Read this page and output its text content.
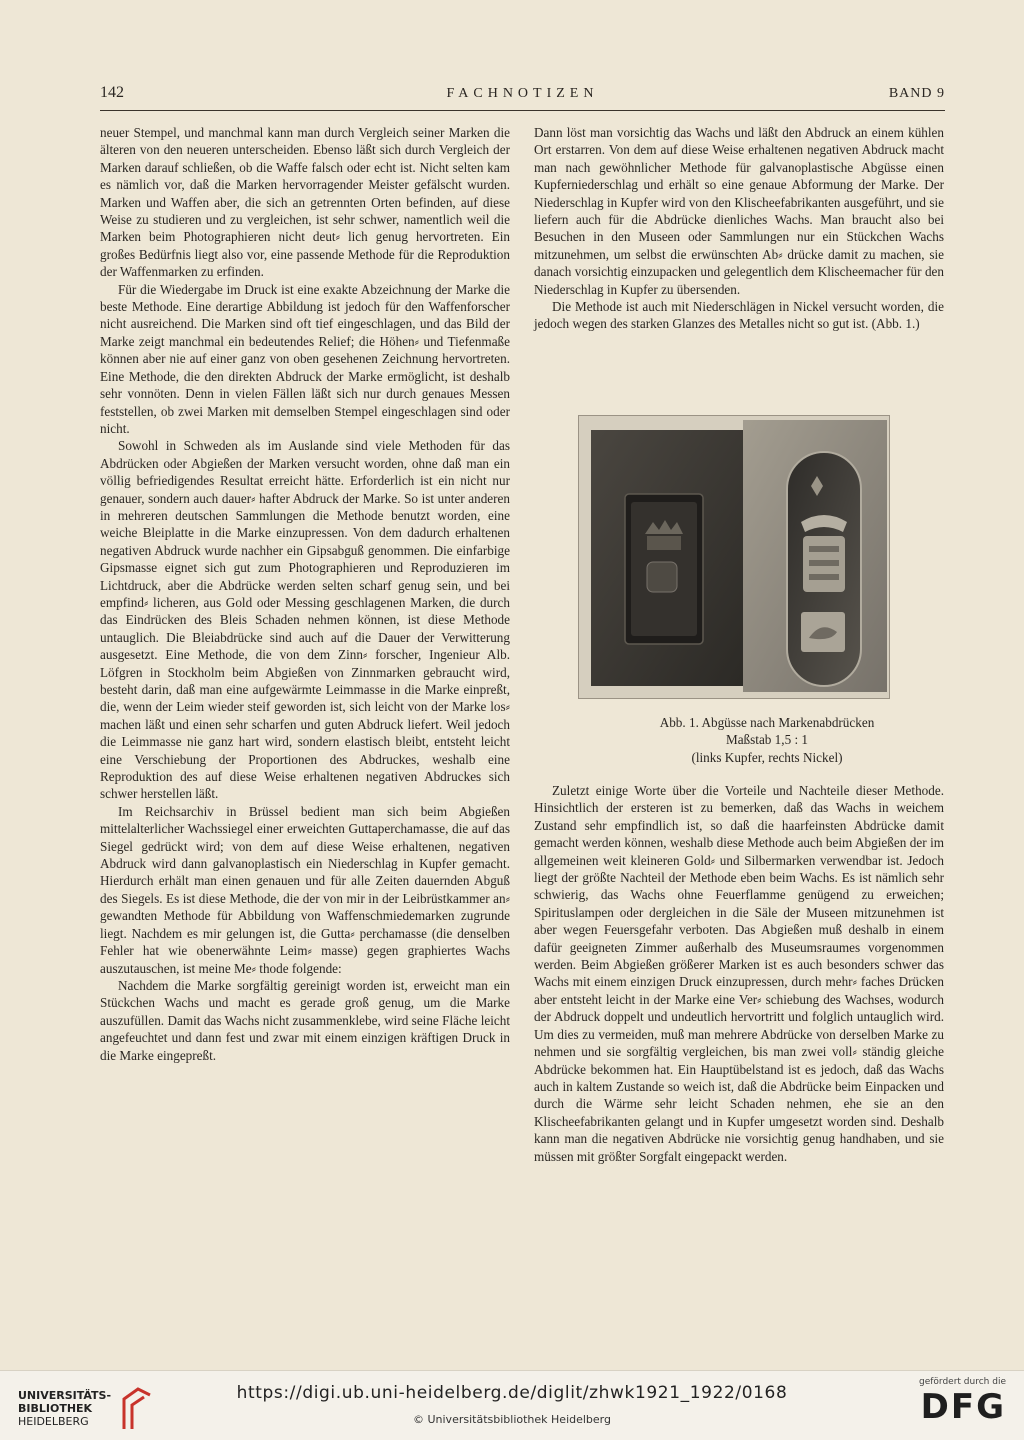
142	FACHNOTIZEN	BAND 9

neuer Stempel, und manchmal kann man durch Vergleich seiner Marken die älteren von den neueren unterscheiden. Ebenso läßt sich durch Vergleich der Marken darauf schließen, ob die Waffe falsch oder echt ist. Nicht selten kam es nämlich vor, daß die Marken hervorragender Meister gefälscht wurden. Marken und Waffen aber, die sich an getrennten Orten befinden, auf diese Weise zu studieren und zu vergleichen, ist sehr schwer, namentlich weil die Marken beim Photographieren nicht deut⸗ lich genug hervortreten. Ein großes Bedürfnis liegt also vor, eine passende Methode für die Reproduktion der Waffenmarken zu erfinden.

Für die Wiedergabe im Druck ist eine exakte Abzeichnung der Marke die beste Methode. Eine derartige Abbildung ist jedoch für den Waffenforscher nicht ausreichend. Die Marken sind oft tief eingeschlagen, und das Bild der Marke zeigt manchmal ein bedeutendes Relief; die Höhen⸗ und Tiefenmaße können aber nie auf einer ganz von oben gesehenen Zeichnung hervortreten. Eine Methode, die den direkten Abdruck der Marke ermöglicht, ist deshalb sehr vonnöten. Denn in vielen Fällen läßt sich nur durch genaues Messen feststellen, ob zwei Marken mit demselben Stempel eingeschlagen sind oder nicht.

Sowohl in Schweden als im Auslande sind viele Methoden für das Abdrücken oder Abgießen der Marken versucht worden, ohne daß man ein völlig befriedigendes Resultat erreicht hätte. Erforderlich ist ein nicht nur genauer, sondern auch dauer⸗ hafter Abdruck der Marke. So ist unter anderen in mehreren deutschen Sammlungen die Methode benutzt worden, eine weiche Bleiplatte in die Marke einzupressen. Von dem dadurch erhaltenen negativen Abdruck wurde nachher ein Gipsabguß genommen. Die einfarbige Gipsmasse eignet sich gut zum Photographieren und Reproduzieren im Lichtdruck, aber die Abdrücke werden selten scharf genug sein, und bei empfind⸗ licheren, aus Gold oder Messing geschlagenen Marken, die durch das Eindrücken des Bleis Schaden nehmen können, ist diese Methode untauglich. Die Bleiabdrücke sind auch auf die Dauer der Verwitterung ausgesetzt. Eine Methode, die von dem Zinn⸗ forscher, Ingenieur Alb. Löfgren in Stockholm beim Abgießen von Zinnmarken gebraucht wird, besteht darin, daß man eine aufgewärmte Leimmasse in die Marke einpreßt, die, wenn der Leim wieder steif geworden ist, sich leicht von der Marke los⸗ machen läßt und einen sehr scharfen und guten Abdruck liefert. Weil jedoch die Leimmasse nie ganz hart wird, sondern elastisch bleibt, entsteht leicht eine Verschiebung der Proportionen des Abdruckes, weshalb eine Reproduktion des auf diese Weise erhaltenen negativen Abdruckes sich schwer herstellen läßt.

Im Reichsarchiv in Brüssel bedient man sich beim Abgießen mittelalterlicher Wachssiegel einer erweichten Guttaperchamasse, die auf das Siegel gedrückt wird; von dem auf diese Weise erhaltenen, negativen Abdruck wird dann galvanoplastisch ein Niederschlag in Kupfer gemacht. Hierdurch erhält man einen genauen und für alle Zeiten dauernden Abguß des Siegels. Es ist diese Methode, die der von mir in der Leibrüstkammer an⸗ gewandten Methode für Abbildung von Waffenschmiedemarken zugrunde liegt. Nachdem es mir gelungen ist, die Gutta⸗ perchamasse (die denselben Fehler hat wie obenerwähnte Leim⸗ masse) gegen graphiertes Wachs auszutauschen, ist meine Me⸗ thode folgende:

Nachdem die Marke sorgfältig gereinigt worden ist, erweicht man ein Stückchen Wachs und macht es gerade groß genug, um die Marke auszufüllen. Damit das Wachs nicht zusammenklebe, wird seine Fläche leicht angefeuchtet und dann fest und zwar mit einem einzigen kräftigen Druck in die Marke eingepreßt.

Dann löst man vorsichtig das Wachs und läßt den Abdruck an einem kühlen Ort erstarren. Von dem auf diese Weise erhaltenen negativen Abdruck macht man nach gewöhnlicher Methode für galvanoplastische Abgüsse einen Kupferniederschlag und erhält so eine genaue Abformung der Marke. Der Niederschlag in Kupfer wird von den Klischeefabrikanten ausgeführt, und sie liefern auch für die Abdrücke dienliches Wachs. Man braucht also bei Besuchen in den Museen oder Sammlungen nur ein Stückchen Wachs mitzunehmen, um selbst die erwünschten Ab⸗ drücke damit zu machen, sie danach vorsichtig einzupacken und gelegentlich dem Klischeemacher für den Niederschlag in Kupfer zu übersenden.

Die Methode ist auch mit Niederschlägen in Nickel versucht worden, die jedoch wegen des starken Glanzes des Metalles nicht so gut ist. (Abb. 1.)

Abb. 1. Abgüsse nach Markenabdrücken
Maßstab 1,5 : 1
(links Kupfer, rechts Nickel)

Zuletzt einige Worte über die Vorteile und Nachteile dieser Methode. Hinsichtlich der ersteren ist zu bemerken, daß das Wachs in weichem Zustand sehr empfindlich ist, so daß die haarfeinsten Abdrücke damit gemacht werden können, weshalb diese Methode auch beim Abgießen der im allgemeinen weit kleineren Gold⸗ und Silbermarken verwendbar ist. Jedoch liegt der größte Nachteil der Methode eben beim Wachs. Es ist nämlich sehr schwierig, das Wachs ohne Feuerflamme genügend zu erweichen; Spirituslampen oder dergleichen in die Säle der Museen mitzunehmen ist aber wegen Feuersgefahr verboten. Das Abgießen muß deshalb in einem dafür geeigneten Zimmer außerhalb des Museumsraumes vorgenommen werden. Beim Abgießen größerer Marken ist es auch besonders schwer das Wachs mit einem einzigen Druck einzupressen, durch mehr⸗ faches Drücken aber entsteht leicht in der Marke eine Ver⸗ schiebung des Wachses, wodurch der Abdruck doppelt und undeutlich hervortritt und folglich untauglich wird. Um dies zu vermeiden, muß man mehrere Abdrücke von derselben Marke zu nehmen und sie sorgfältig vergleichen, bis man zwei voll⸗ ständig gleiche Abdrücke bekommen hat. Ein Hauptübelstand ist es jedoch, daß das Wachs auch in kaltem Zustande so weich ist, daß die Abdrücke beim Einpacken und durch die Wärme sehr leicht Schaden nehmen, ehe sie an den Klischeefabrikanten gelangt und in Kupfer umgesetzt worden sind. Deshalb kann man die negativen Abdrücke nie vorsichtig genug handhaben, und sie müssen mit größter Sorgfalt eingepackt werden.

UNIVERSITÄTS-
BIBLIOTHEK
HEIDELBERG
https://digi.ub.uni-heidelberg.de/diglit/zhwk1921_1922/0168
© Universitätsbibliothek Heidelberg
gefördert durch die
DFG
